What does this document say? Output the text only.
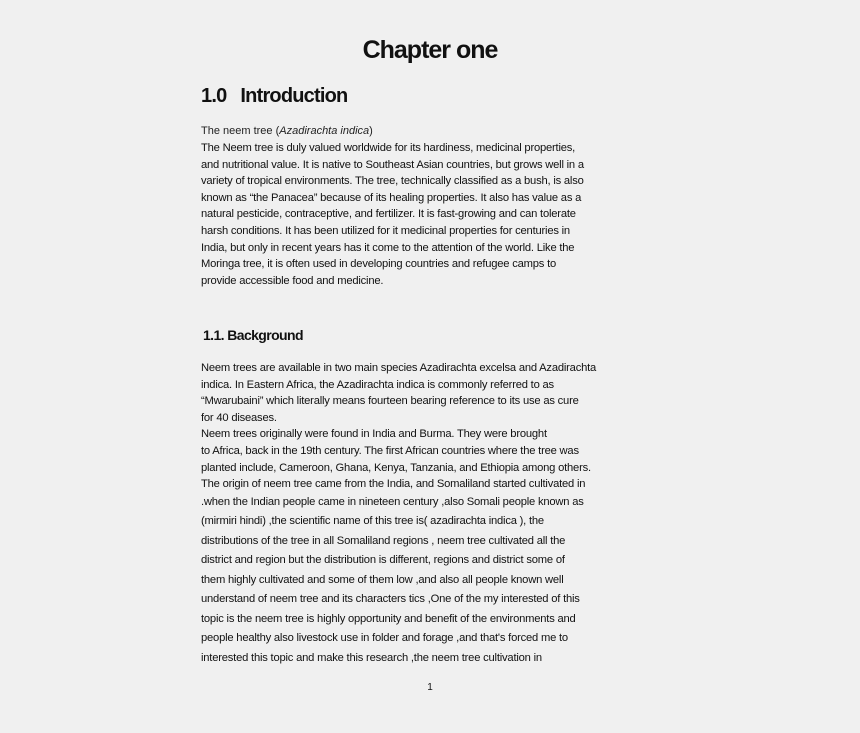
Chapter one
1.0 Introduction
The neem tree (Azadirachta indica)
The Neem tree is duly valued worldwide for its hardiness, medicinal properties,
and nutritional value. It is native to Southeast Asian countries, but grows well in a
variety of tropical environments. The tree, technically classified as a bush, is also
known as “the Panacea” because of its healing properties. It also has value as a
natural pesticide, contraceptive, and fertilizer. It is fast-growing and can tolerate
harsh conditions. It has been utilized for it medicinal properties for centuries in
India, but only in recent years has it come to the attention of the world. Like the
Moringa tree, it is often used in developing countries and refugee camps to
provide accessible food and medicine.
1.1. Background
Neem trees are available in two main species Azadirachta excelsa and Azadirachta
indica. In Eastern Africa, the Azadirachta indica is commonly referred to as
“Mwarubaini” which literally means fourteen bearing reference to its use as cure
for 40 diseases.
Neem trees originally were found in India and Burma. They were brought
to Africa, back in the 19th century. The first African countries where the tree was
planted include, Cameroon, Ghana, Kenya, Tanzania, and Ethiopia among others.
The origin of neem tree came from the India, and Somaliland started cultivated in
.when the Indian people came in nineteen century ,also Somali people known as
(mirmiri hindi) ,the scientific name of this tree is( azadirachta indica ), the
distributions of the tree in all Somaliland regions , neem tree cultivated all the
district and region but the distribution is different, regions and district some of
them highly cultivated and some of them low ,and also all people known well
understand of neem tree and its characters tics ,One of the my interested of this
topic is the neem tree is highly opportunity and benefit of the environments and
people healthy also livestock use in folder and forage ,and that's forced me to
interested this topic and make this research ,the neem tree cultivation in
1
